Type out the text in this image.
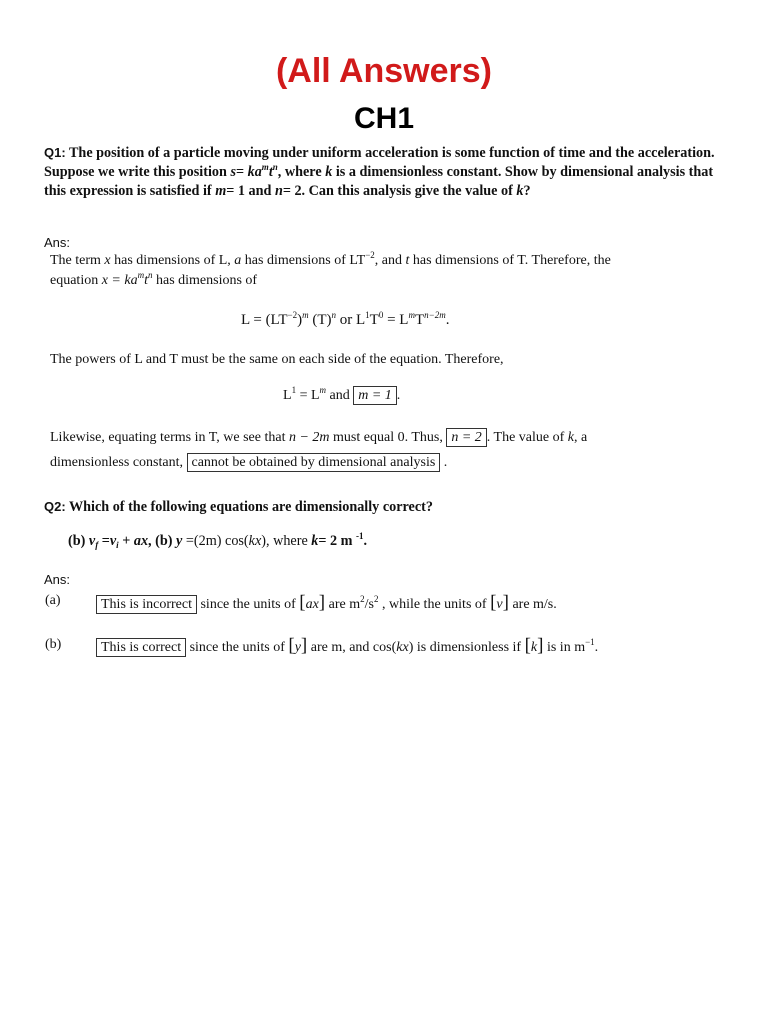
(All Answers)
CH1
Q1: The position of a particle moving under uniform acceleration is some function of time and the acceleration. Suppose we write this position $s= ka^mt^n$, where k is a dimensionless constant. Show by dimensional analysis that this expression is satisfied if m= 1 and n= 2. Can this analysis give the value of k?
Ans:
The term x has dimensions of L, a has dimensions of $LT^{-2}$, and t has dimensions of T. Therefore, the
equation $x = ka^mt^n$ has dimensions of
$L = (LT^{-2})^m$ $(T)^n$ or $L^1T^0 = L^mT^{n-2m}$.
The powers of L and T must be the same on each side of the equation. Therefore,
$L^1 = L^m$ and m = 1 .
Likewise, equating terms in T, we see that n − 2m must equal 0. Thus, n = 2 . The value of k, a
dimensionless constant, cannot be obtained by dimensional analysis .
Q2: Which of the following equations are dimensionally correct?
(b) $v_f =v_i$ + ax, (b) y =(2m) cos(kx), where k= 2 m $^{-1}$.
Ans:
(a)	This is incorrect since the units of [ax] are $m^2/s^2$ , while the units of [v] are m/s.
(b)	This is correct since the units of [y] are m, and cos(kx) is dimensionless if [k] is in $m^{-1}$.
